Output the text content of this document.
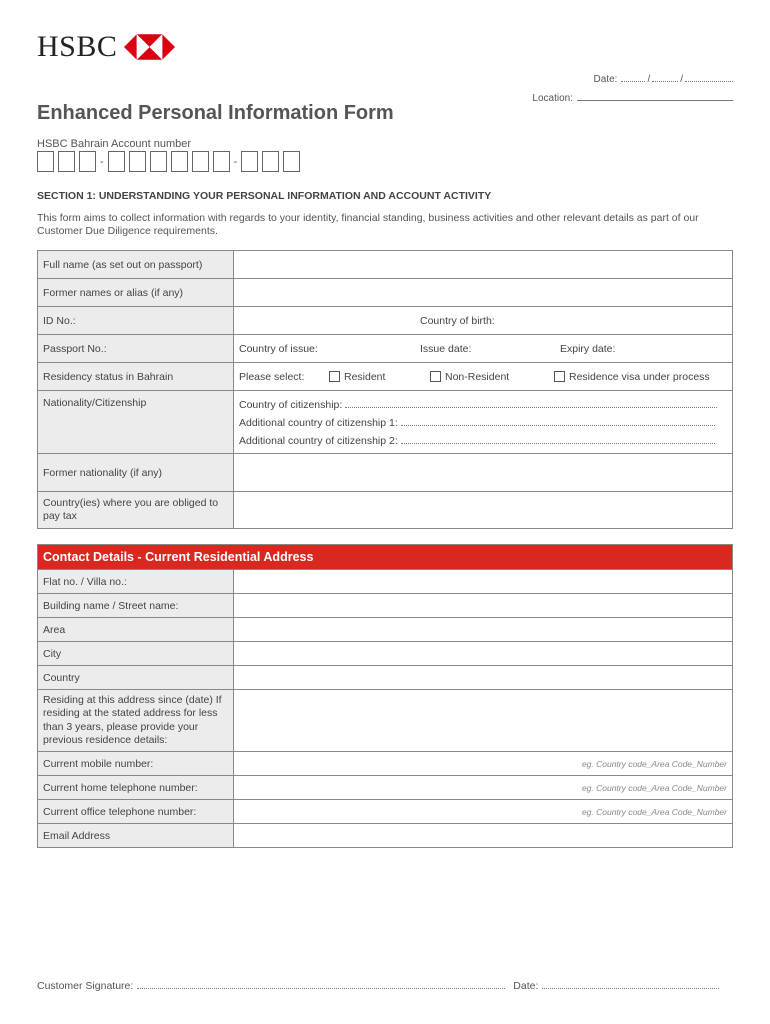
HSBC
Date:	/	/
Location:
Enhanced Personal Information Form
HSBC Bahrain Account number
-	-
SECTION 1: UNDERSTANDING YOUR PERSONAL INFORMATION AND ACCOUNT ACTIVITY
This form aims to collect information with regards to your identity, financial standing, business activities and other relevant details as part of our Customer Due Diligence requirements.
Full name (as set out on passport)	
Former names or alias (if any)	
ID No.:	Country of birth:

Passport No.:	Country of issue: Issue date: Expiry date:

Residency status in Bahrain	Please select: Resident Non-Resident Residence visa under process

Nationality/Citizenship	Country of citizenship:
Additional country of citizenship 1:
Additional country of citizenship 2:

Former nationality (if any)	
Country(ies) where you are obliged to pay tax	
Contact Details - Current Residential Address	
Flat no. / Villa no.:	
Building name / Street name:	
Area	
City	
Country	
Residing at this address since (date) If residing at the stated address for less than 3 years, please provide your previous residence details:	
Current mobile number:	eg. Country code_Area Code_Number
Current home telephone number:	eg. Country code_Area Code_Number
Current office telephone number:	eg. Country code_Area Code_Number
Email Address	
Customer Signature:	Date:
